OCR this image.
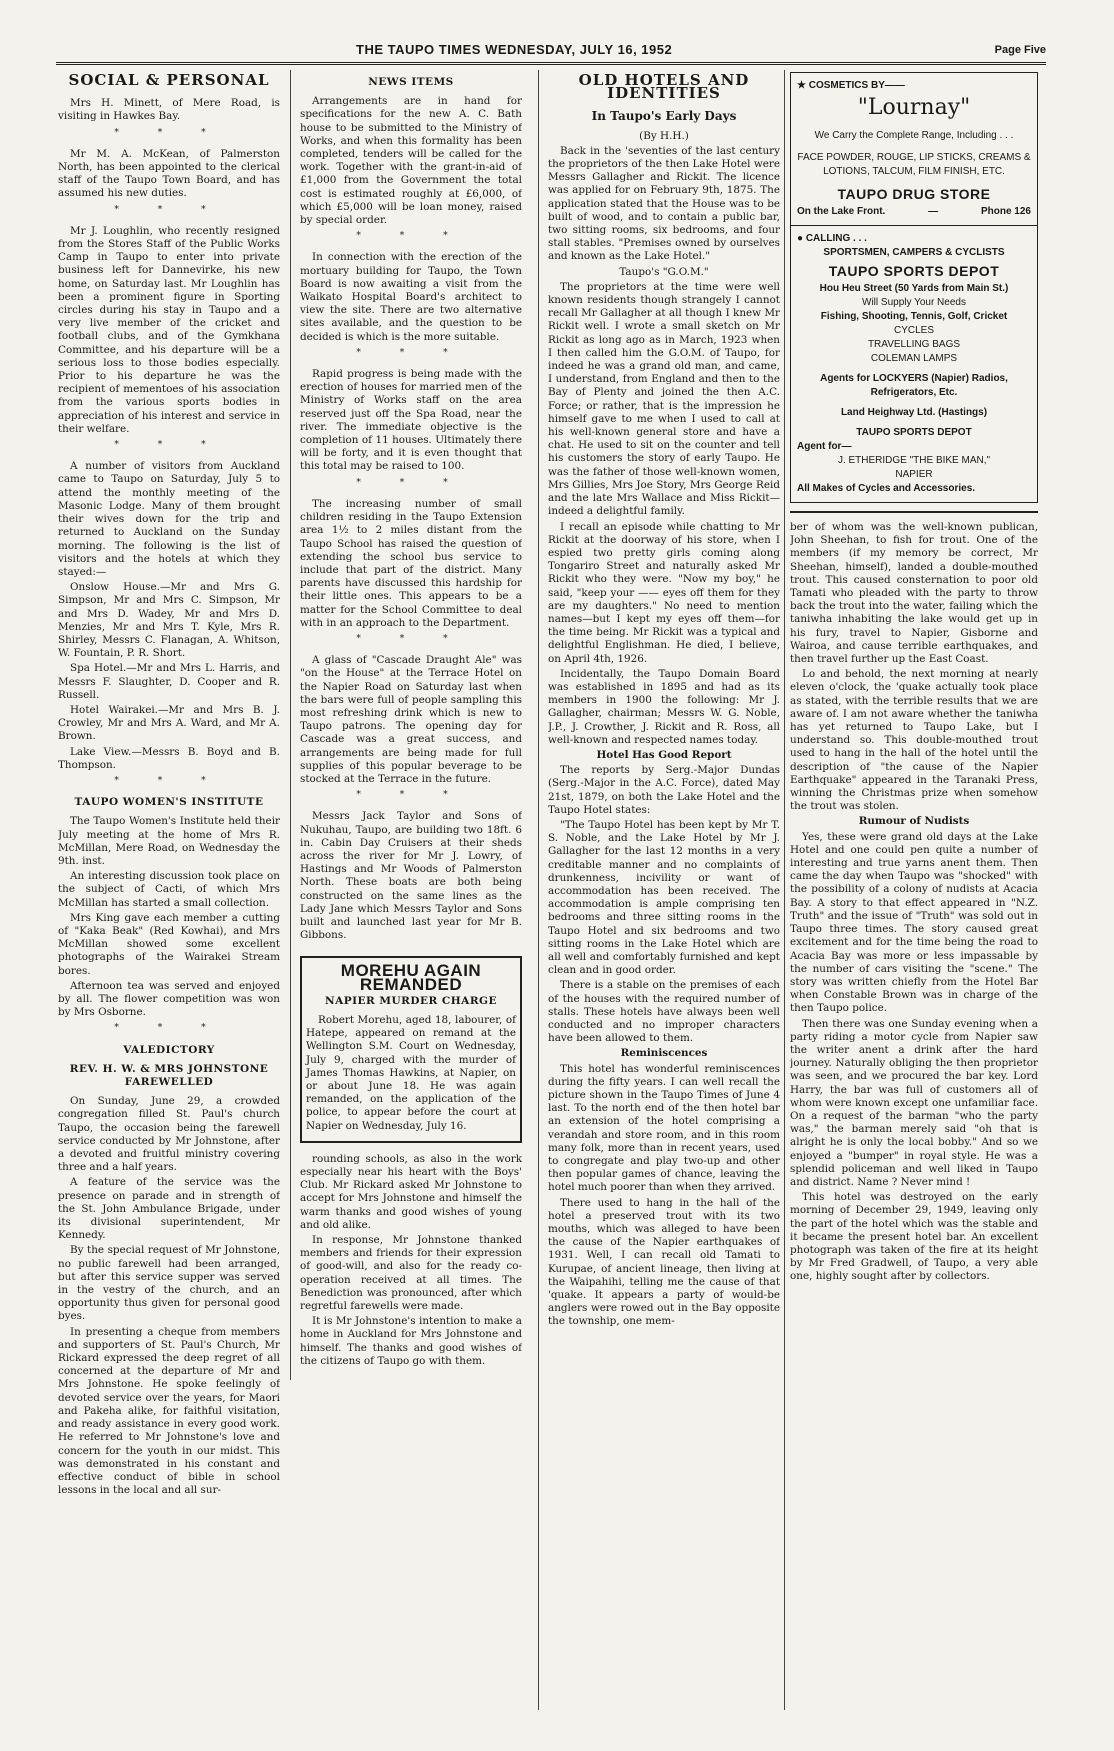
THE TAUPO TIMES WEDNESDAY, JULY 16, 1952	Page Five
SOCIAL & PERSONAL

Mrs H. Minett, of Mere Road, is visiting in Hawkes Bay.

* * *

Mr M. A. McKean, of Palmerston North, has been appointed to the clerical staff of the Taupo Town Board, and has assumed his new duties.

* * *

Mr J. Loughlin, who recently resigned from the Stores Staff of the Public Works Camp in Taupo to enter into private business left for Dannevirke, his new home, on Saturday last. Mr Loughlin has been a prominent figure in Sporting circles during his stay in Taupo and a very live member of the cricket and football clubs, and of the Gymkhana Committee, and his departure will be a serious loss to those bodies especially. Prior to his departure he was the recipient of mementoes of his association from the various sports bodies in appreciation of his interest and service in their welfare.

* * *

A number of visitors from Auckland came to Taupo on Saturday, July 5 to attend the monthly meeting of the Masonic Lodge. Many of them brought their wives down for the trip and returned to Auckland on the Sunday morning. The following is the list of visitors and the hotels at which they stayed:—

Onslow House.—Mr and Mrs G. Simpson, Mr and Mrs C. Simpson, Mr and Mrs D. Wadey, Mr and Mrs D. Menzies, Mr and Mrs T. Kyle, Mrs R. Shirley, Messrs C. Flanagan, A. Whitson, W. Fountain, P. R. Short.

Spa Hotel.—Mr and Mrs L. Harris, and Messrs F. Slaughter, D. Cooper and R. Russell.

Hotel Wairakei.—Mr and Mrs B. J. Crowley, Mr and Mrs A. Ward, and Mr A. Brown.

Lake View.—Messrs B. Boyd and B. Thompson.

* * *
TAUPO WOMEN'S INSTITUTE

The Taupo Women's Institute held their July meeting at the home of Mrs R. McMillan, Mere Road, on Wednesday the 9th. inst.

An interesting discussion took place on the subject of Cacti, of which Mrs McMillan has started a small collection.

Mrs King gave each member a cutting of "Kaka Beak" (Red Kowhai), and Mrs McMillan showed some excellent photographs of the Wairakei Stream bores.

Afternoon tea was served and enjoyed by all. The flower competition was won by Mrs Osborne.

* * *
VALEDICTORY
REV. H. W. & MRS JOHNSTONE FAREWELLED

On Sunday, June 29, a crowded congregation filled St. Paul's church Taupo, the occasion being the farewell service conducted by Mr Johnstone, after a devoted and fruitful ministry covering three and a half years.

A feature of the service was the presence on parade and in strength of the St. John Ambulance Brigade, under its divisional superintendent, Mr Kennedy.

By the special request of Mr Johnstone, no public farewell had been arranged, but after this service supper was served in the vestry of the church, and an opportunity thus given for personal good byes.

In presenting a cheque from members and supporters of St. Paul's Church, Mr Rickard expressed the deep regret of all concerned at the departure of Mr and Mrs Johnstone. He spoke feelingly of devoted service over the years, for Maori and Pakeha alike, for faithful visitation, and ready assistance in every good work. He referred to Mr Johnstone's love and concern for the youth in our midst. This was demonstrated in his constant and effective conduct of bible in school lessons in the local and all sur-

NEWS ITEMS

Arrangements are in hand for specifications for the new A. C. Bath house to be submitted to the Ministry of Works, and when this formality has been completed, tenders will be called for the work. Together with the grant-in-aid of £1,000 from the Government the total cost is estimated roughly at £6,000, of which £5,000 will be loan money, raised by special order.

* * *

In connection with the erection of the mortuary building for Taupo, the Town Board is now awaiting a visit from the Waikato Hospital Board's architect to view the site. There are two alternative sites available, and the question to be decided is which is the more suitable.

* * *

Rapid progress is being made with the erection of houses for married men of the Ministry of Works staff on the area reserved just off the Spa Road, near the river. The immediate objective is the completion of 11 houses. Ultimately there will be forty, and it is even thought that this total may be raised to 100.

* * *

The increasing number of small children residing in the Taupo Extension area 1½ to 2 miles distant from the Taupo School has raised the question of extending the school bus service to include that part of the district. Many parents have discussed this hardship for their little ones. This appears to be a matter for the School Committee to deal with in an approach to the Department.

* * *

A glass of "Cascade Draught Ale" was "on the House" at the Terrace Hotel on the Napier Road on Saturday last when the bars were full of people sampling this most refreshing drink which is new to Taupo patrons. The opening day for Cascade was a great success, and arrangements are being made for full supplies of this popular beverage to be stocked at the Terrace in the future.

* * *

Messrs Jack Taylor and Sons of Nukuhau, Taupo, are building two 18ft. 6 in. Cabin Day Cruisers at their sheds across the river for Mr J. Lowry, of Hastings and Mr Woods of Palmerston North. These boats are both being constructed on the same lines as the Lady Jane which Messrs Taylor and Sons built and launched last year for Mr B. Gibbons.

MOREHU AGAIN REMANDED
NAPIER MURDER CHARGE

Robert Morehu, aged 18, labourer, of Hatepe, appeared on remand at the Wellington S.M. Court on Wednesday, July 9, charged with the murder of James Thomas Hawkins, at Napier, on or about June 18. He was again remanded, on the application of the police, to appear before the court at Napier on Wednesday, July 16.

rounding schools, as also in the work especially near his heart with the Boys' Club. Mr Rickard asked Mr Johnstone to accept for Mrs Johnstone and himself the warm thanks and good wishes of young and old alike.

In response, Mr Johnstone thanked members and friends for their expression of good-will, and also for the ready co-operation received at all times. The Benediction was pronounced, after which regretful farewells were made.

It is Mr Johnstone's intention to make a home in Auckland for Mrs Johnstone and himself. The thanks and good wishes of the citizens of Taupo go with them.

OLD HOTELS AND IDENTITIES
In Taupo's Early Days

(By H.H.)

Back in the 'seventies of the last century the proprietors of the then Lake Hotel were Messrs Gallagher and Rickit. The licence was applied for on February 9th, 1875. The application stated that the House was to be built of wood, and to contain a public bar, two sitting rooms, six bedrooms, and four stall stables. "Premises owned by ourselves and known as the Lake Hotel."

Taupo's "G.O.M."

The proprietors at the time were well known residents though strangely I cannot recall Mr Gallagher at all though I knew Mr Rickit well. I wrote a small sketch on Mr Rickit as long ago as in March, 1923 when I then called him the G.O.M. of Taupo, for indeed he was a grand old man, and came, I understand, from England and then to the Bay of Plenty and joined the then A.C. Force; or rather, that is the impression he himself gave to me when I used to call at his well-known general store and have a chat. He used to sit on the counter and tell his customers the story of early Taupo. He was the father of those well-known women, Mrs Gillies, Mrs Joe Story, Mrs George Reid and the late Mrs Wallace and Miss Rickit—indeed a delightful family.

I recall an episode while chatting to Mr Rickit at the doorway of his store, when I espied two pretty girls coming along Tongariro Street and naturally asked Mr Rickit who they were. "Now my boy," he said, "keep your —— eyes off them for they are my daughters." No need to mention names—but I kept my eyes off them—for the time being. Mr Rickit was a typical and delightful Englishman. He died, I believe, on April 4th, 1926.

Incidentally, the Taupo Domain Board was established in 1895 and had as its members in 1900 the following: Mr J. Gallagher, chairman; Messrs W. G. Noble, J.P., J. Crowther, J. Rickit and R. Ross, all well-known and respected names today.

Hotel Has Good Report

The reports by Serg.-Major Dundas (Serg.-Major in the A.C. Force), dated May 21st, 1879, on both the Lake Hotel and the Taupo Hotel states:

"The Taupo Hotel has been kept by Mr T. S. Noble, and the Lake Hotel by Mr J. Gallagher for the last 12 months in a very creditable manner and no complaints of drunkenness, incivility or want of accommodation has been received. The accommodation is ample comprising ten bedrooms and three sitting rooms in the Taupo Hotel and six bedrooms and two sitting rooms in the Lake Hotel which are all well and comfortably furnished and kept clean and in good order.

There is a stable on the premises of each of the houses with the required number of stalls. These hotels have always been well conducted and no improper characters have been allowed to them.

Reminiscences

This hotel has wonderful reminiscences during the fifty years. I can well recall the picture shown in the Taupo Times of June 4 last. To the north end of the then hotel bar an extension of the hotel comprising a verandah and store room, and in this room many folk, more than in recent years, used to congregate and play two-up and other then popular games of chance, leaving the hotel much poorer than when they arrived.

There used to hang in the hall of the hotel a preserved trout with its two mouths, which was alleged to have been the cause of the Napier earthquakes of 1931. Well, I can recall old Tamati to Kurupae, of ancient lineage, then living at the Waipahihi, telling me the cause of that 'quake. It appears a party of would-be anglers were rowed out in the Bay opposite the township, one mem-

★ COSMETICS BY——
"Lournay"
We Carry the Complete Range, Including . . .
FACE POWDER, ROUGE, LIP STICKS, CREAMS & LOTIONS, TALCUM, FILM FINISH, ETC.
TAUPO DRUG STORE
On the Lake Front.	—	Phone 126
● CALLING . . .
SPORTSMEN, CAMPERS & CYCLISTS
TAUPO SPORTS DEPOT
Hou Heu Street (50 Yards from Main St.)
Will Supply Your Needs
Fishing, Shooting, Tennis, Golf, Cricket
CYCLES
TRAVELLING BAGS
COLEMAN LAMPS
Agents for LOCKYERS (Napier) Radios, Refrigerators, Etc.
Land Heighway Ltd. (Hastings)
TAUPO SPORTS DEPOT
Agent for—
J. ETHERIDGE "THE BIKE MAN,"
NAPIER
All Makes of Cycles and Accessories.

ber of whom was the well-known publican, John Sheehan, to fish for trout. One of the members (if my memory be correct, Mr Sheehan, himself), landed a double-mouthed trout. This caused consternation to poor old Tamati who pleaded with the party to throw back the trout into the water, failing which the taniwha inhabiting the lake would get up in his fury, travel to Napier, Gisborne and Wairoa, and cause terrible earthquakes, and then travel further up the East Coast.

Lo and behold, the next morning at nearly eleven o'clock, the 'quake actually took place as stated, with the terrible results that we are aware of. I am not aware whether the taniwha has yet returned to Taupo Lake, but I understand so. This double-mouthed trout used to hang in the hall of the hotel until the description of "the cause of the Napier Earthquake" appeared in the Taranaki Press, winning the Christmas prize when somehow the trout was stolen.

Rumour of Nudists

Yes, these were grand old days at the Lake Hotel and one could pen quite a number of interesting and true yarns anent them. Then came the day when Taupo was "shocked" with the possibility of a colony of nudists at Acacia Bay. A story to that effect appeared in "N.Z. Truth" and the issue of "Truth" was sold out in Taupo three times. The story caused great excitement and for the time being the road to Acacia Bay was more or less impassable by the number of cars visiting the "scene." The story was written chiefly from the Hotel Bar when Constable Brown was in charge of the then Taupo police.

Then there was one Sunday evening when a party riding a motor cycle from Napier saw the writer anent a drink after the hard journey. Naturally obliging the then proprietor was seen, and we procured the bar key. Lord Harry, the bar was full of customers all of whom were known except one unfamiliar face. On a request of the barman "who the party was," the barman merely said "oh that is alright he is only the local bobby." And so we enjoyed a "bumper" in royal style. He was a splendid policeman and well liked in Taupo and district. Name ? Never mind !

This hotel was destroyed on the early morning of December 29, 1949, leaving only the part of the hotel which was the stable and it became the present hotel bar. An excellent photograph was taken of the fire at its height by Mr Fred Gradwell, of Taupo, a very able one, highly sought after by collectors.
